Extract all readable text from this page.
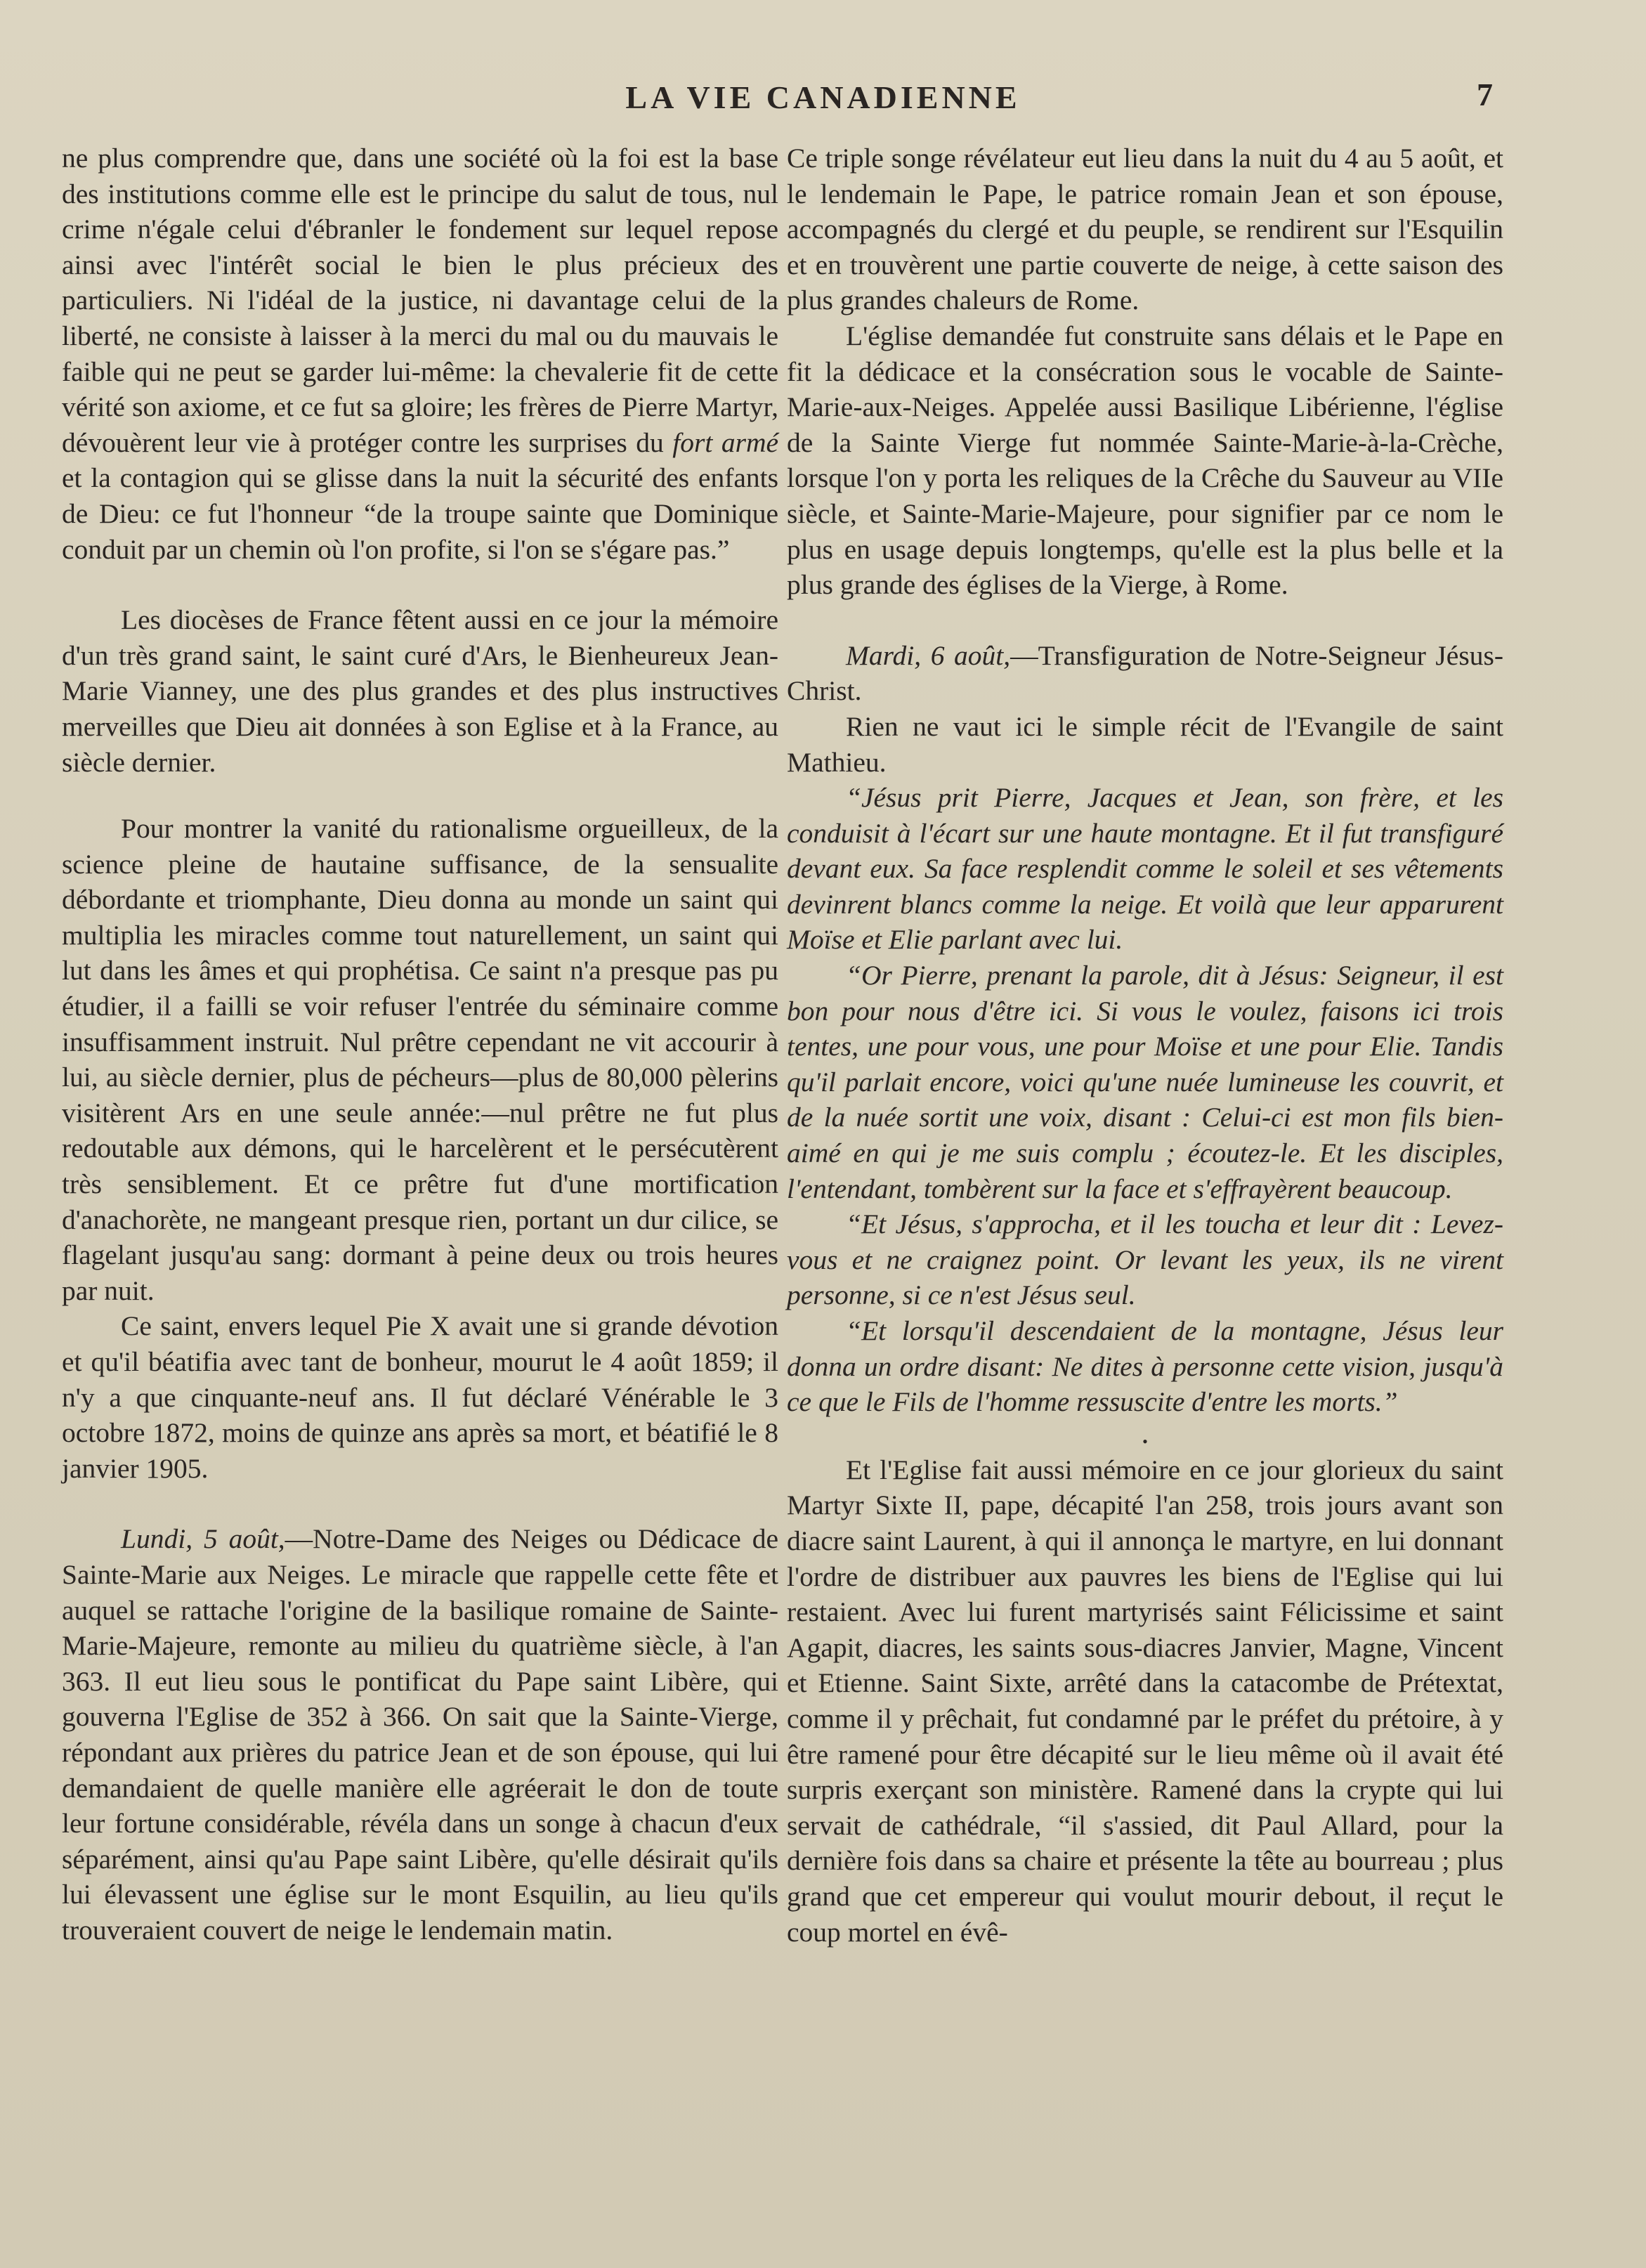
LA VIE CANADIENNE	7

ne plus comprendre que, dans une société où la foi est la base des institutions comme elle est le principe du salut de tous, nul crime n'égale celui d'ébranler le fondement sur lequel repose ainsi avec l'intérêt social le bien le plus précieux des particuliers. Ni l'idéal de la justice, ni davantage celui de la liberté, ne consiste à laisser à la merci du mal ou du mauvais le faible qui ne peut se garder lui-même: la chevalerie fit de cette vérité son axiome, et ce fut sa gloire; les frères de Pierre Martyr, dévouèrent leur vie à protéger contre les surprises du fort armé et la contagion qui se glisse dans la nuit la sécurité des enfants de Dieu: ce fut l'honneur “de la troupe sainte que Dominique conduit par un chemin où l'on profite, si l'on se s'égare pas.”

Les diocèses de France fêtent aussi en ce jour la mémoire d'un très grand saint, le saint curé d'Ars, le Bienheureux Jean-Marie Vianney, une des plus grandes et des plus instructives merveilles que Dieu ait données à son Eglise et à la France, au siècle dernier.

Pour montrer la vanité du rationalisme orgueilleux, de la science pleine de hautaine suffisance, de la sensualite débordante et triomphante, Dieu donna au monde un saint qui multiplia les miracles comme tout naturellement, un saint qui lut dans les âmes et qui prophétisa. Ce saint n'a presque pas pu étudier, il a failli se voir refuser l'entrée du séminaire comme insuffisamment instruit. Nul prêtre cependant ne vit accourir à lui, au siècle dernier, plus de pécheurs—plus de 80,000 pèlerins visitèrent Ars en une seule année:—nul prêtre ne fut plus redoutable aux démons, qui le harcelèrent et le persécutèrent très sensiblement. Et ce prêtre fut d'une mortification d'anachorète, ne mangeant presque rien, portant un dur cilice, se flagelant jusqu'au sang: dormant à peine deux ou trois heures par nuit.

Ce saint, envers lequel Pie X avait une si grande dévotion et qu'il béatifia avec tant de bonheur, mourut le 4 août 1859; il n'y a que cinquante-neuf ans. Il fut déclaré Vénérable le 3 octobre 1872, moins de quinze ans après sa mort, et béatifié le 8 janvier 1905.

Lundi, 5 août,—Notre-Dame des Neiges ou Dédicace de Sainte-Marie aux Neiges. Le miracle que rappelle cette fête et auquel se rattache l'origine de la basilique romaine de Sainte-Marie-Majeure, remonte au milieu du quatrième siècle, à l'an 363. Il eut lieu sous le pontificat du Pape saint Libère, qui gouverna l'Eglise de 352 à 366. On sait que la Sainte-Vierge, répondant aux prières du patrice Jean et de son épouse, qui lui demandaient de quelle manière elle agréerait le don de toute leur fortune considérable, révéla dans un songe à chacun d'eux séparément, ainsi qu'au Pape saint Libère, qu'elle désirait qu'ils lui élevassent une église sur le mont Esquilin, au lieu qu'ils trouveraient couvert de neige le lendemain matin.

Ce triple songe révélateur eut lieu dans la nuit du 4 au 5 août, et le lendemain le Pape, le patrice romain Jean et son épouse, accompagnés du clergé et du peuple, se rendirent sur l'Esquilin et en trouvèrent une partie couverte de neige, à cette saison des plus grandes chaleurs de Rome.

L'église demandée fut construite sans délais et le Pape en fit la dédicace et la consécration sous le vocable de Sainte-Marie-aux-Neiges. Appelée aussi Basilique Libérienne, l'église de la Sainte Vierge fut nommée Sainte-Marie-à-la-Crèche, lorsque l'on y porta les reliques de la Crêche du Sauveur au VIIe siècle, et Sainte-Marie-Majeure, pour signifier par ce nom le plus en usage depuis longtemps, qu'elle est la plus belle et la plus grande des églises de la Vierge, à Rome.

Mardi, 6 août,—Transfiguration de Notre-Seigneur Jésus-Christ.

Rien ne vaut ici le simple récit de l'Evangile de saint Mathieu.

“Jésus prit Pierre, Jacques et Jean, son frère, et les conduisit à l'écart sur une haute montagne. Et il fut transfiguré devant eux. Sa face resplendit comme le soleil et ses vêtements devinrent blancs comme la neige. Et voilà que leur apparurent Moïse et Elie parlant avec lui.

“Or Pierre, prenant la parole, dit à Jésus: Seigneur, il est bon pour nous d'être ici. Si vous le voulez, faisons ici trois tentes, une pour vous, une pour Moïse et une pour Elie. Tandis qu'il parlait encore, voici qu'une nuée lumineuse les couvrit, et de la nuée sortit une voix, disant : Celui-ci est mon fils bien-aimé en qui je me suis complu ; écoutez-le. Et les disciples, l'entendant, tombèrent sur la face et s'effrayèrent beaucoup.

“Et Jésus, s'approcha, et il les toucha et leur dit : Levez-vous et ne craignez point. Or levant les yeux, ils ne virent personne, si ce n'est Jésus seul.

“Et lorsqu'il descendaient de la montagne, Jésus leur donna un ordre disant: Ne dites à personne cette vision, jusqu'à ce que le Fils de l'homme ressuscite d'entre les morts.”

•

Et l'Eglise fait aussi mémoire en ce jour glorieux du saint Martyr Sixte II, pape, décapité l'an 258, trois jours avant son diacre saint Laurent, à qui il annonça le martyre, en lui donnant l'ordre de distribuer aux pauvres les biens de l'Eglise qui lui restaient. Avec lui furent martyrisés saint Félicissime et saint Agapit, diacres, les saints sous-diacres Janvier, Magne, Vincent et Etienne. Saint Sixte, arrêté dans la catacombe de Prétextat, comme il y prêchait, fut condamné par le préfet du prétoire, à y être ramené pour être décapité sur le lieu même où il avait été surpris exerçant son ministère. Ramené dans la crypte qui lui servait de cathédrale, “il s'assied, dit Paul Allard, pour la dernière fois dans sa chaire et présente la tête au bourreau ; plus grand que cet empereur qui voulut mourir debout, il reçut le coup mortel en évê-
